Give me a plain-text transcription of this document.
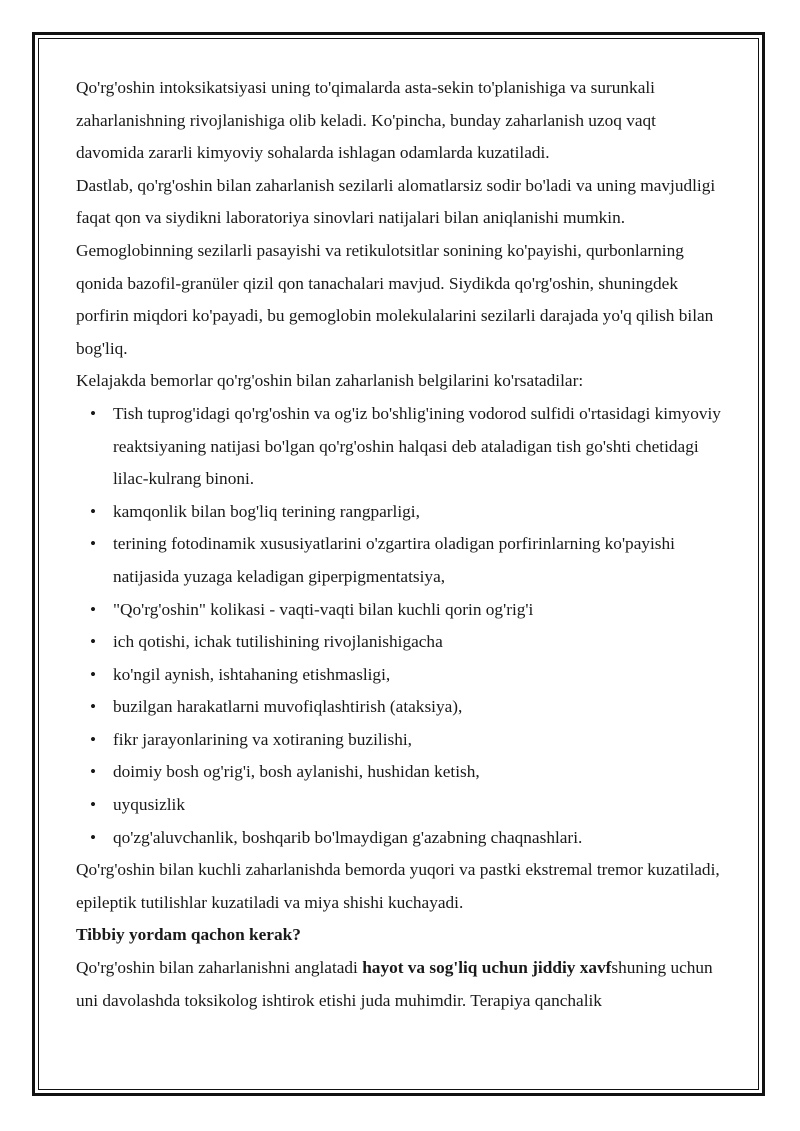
Qo'rg'oshin intoksikatsiyasi uning to'qimalarda asta-sekin to'planishiga va surunkali zaharlanishning rivojlanishiga olib keladi. Ko'pincha, bunday zaharlanish uzoq vaqt davomida zararli kimyoviy sohalarda ishlagan odamlarda kuzatiladi.

Dastlab, qo'rg'oshin bilan zaharlanish sezilarli alomatlarsiz sodir bo'ladi va uning mavjudligi faqat qon va siydikni laboratoriya sinovlari natijalari bilan aniqlanishi mumkin. Gemoglobinning sezilarli pasayishi va retikulotsitlar sonining ko'payishi, qurbonlarning qonida bazofil-granüler qizil qon tanachalari mavjud. Siydikda qo'rg'oshin, shuningdek porfirin miqdori ko'payadi, bu gemoglobin molekulalarini sezilarli darajada yo'q qilish bilan bog'liq.

Kelajakda bemorlar qo'rg'oshin bilan zaharlanish belgilarini ko'rsatadilar:

• Tish tuprog'idagi qo'rg'oshin va og'iz bo'shlig'ining vodorod sulfidi o'rtasidagi kimyoviy reaktsiyaning natijasi bo'lgan qo'rg'oshin halqasi deb ataladigan tish go'shti chetidagi lilac-kulrang binoni.
• kamqonlik bilan bog'liq terining rangparligi,
• terining fotodinamik xususiyatlarini o'zgartira oladigan porfirinlarning ko'payishi natijasida yuzaga keladigan giperpigmentatsiya,
• "Qo'rg'oshin" kolikasi - vaqti-vaqti bilan kuchli qorin og'rig'i
• ich qotishi, ichak tutilishining rivojlanishigacha
• ko'ngil aynish, ishtahaning etishmasligi,
• buzilgan harakatlarni muvofiqlashtirish (ataksiya),
• fikr jarayonlarining va xotiraning buzilishi,
• doimiy bosh og'rig'i, bosh aylanishi, hushidan ketish,
• uyqusizlik
• qo'zg'aluvchanlik, boshqarib bo'lmaydigan g'azabning chaqnashlari.

Qo'rg'oshin bilan kuchli zaharlanishda bemorda yuqori va pastki ekstremal tremor kuzatiladi, epileptik tutilishlar kuzatiladi va miya shishi kuchayadi.

Tibbiy yordam qachon kerak?

Qo'rg'oshin bilan zaharlanishni anglatadi hayot va sog'liq uchun jiddiy xavfshuning uchun uni davolashda toksikolog ishtirok etishi juda muhimdir. Terapiya qanchalik
